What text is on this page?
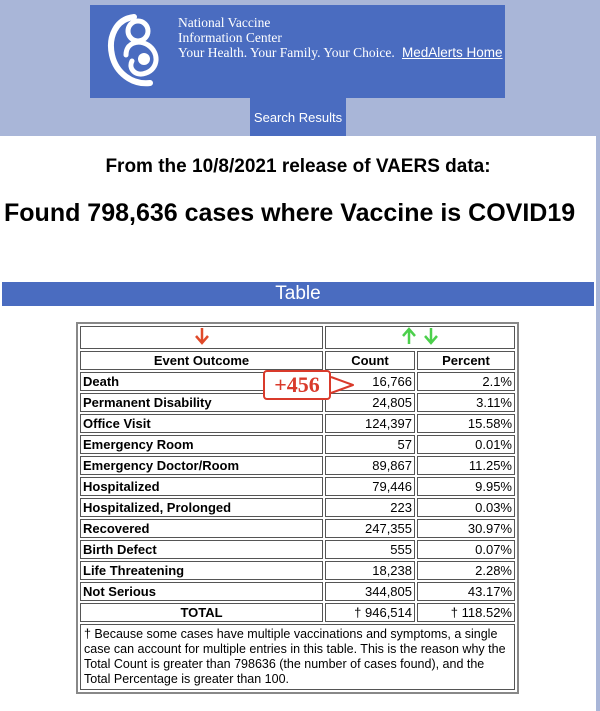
National Vaccine
Information Center
Your Health. Your Family. Your Choice. MedAlerts Home
Search Results
From the 10/8/2021 release of VAERS data:
Found 798,636 cases where Vaccine is COVID19
Table

Event Outcome	Count	Percent
Death	16,766	2.1%
Permanent Disability	24,805	3.11%
Office Visit	124,397	15.58%
Emergency Room	57	0.01%
Emergency Doctor/Room	89,867	11.25%
Hospitalized	79,446	9.95%
Hospitalized, Prolonged	223	0.03%
Recovered	247,355	30.97%
Birth Defect	555	0.07%
Life Threatening	18,238	2.28%
Not Serious	344,805	43.17%
TOTAL	† 946,514	† 118.52%
† Because some cases have multiple vaccinations and symptoms, a single case can account for multiple entries in this table. This is the reason why the Total Count is greater than 798636 (the number of cases found), and the Total Percentage is greater than 100.		
+456
